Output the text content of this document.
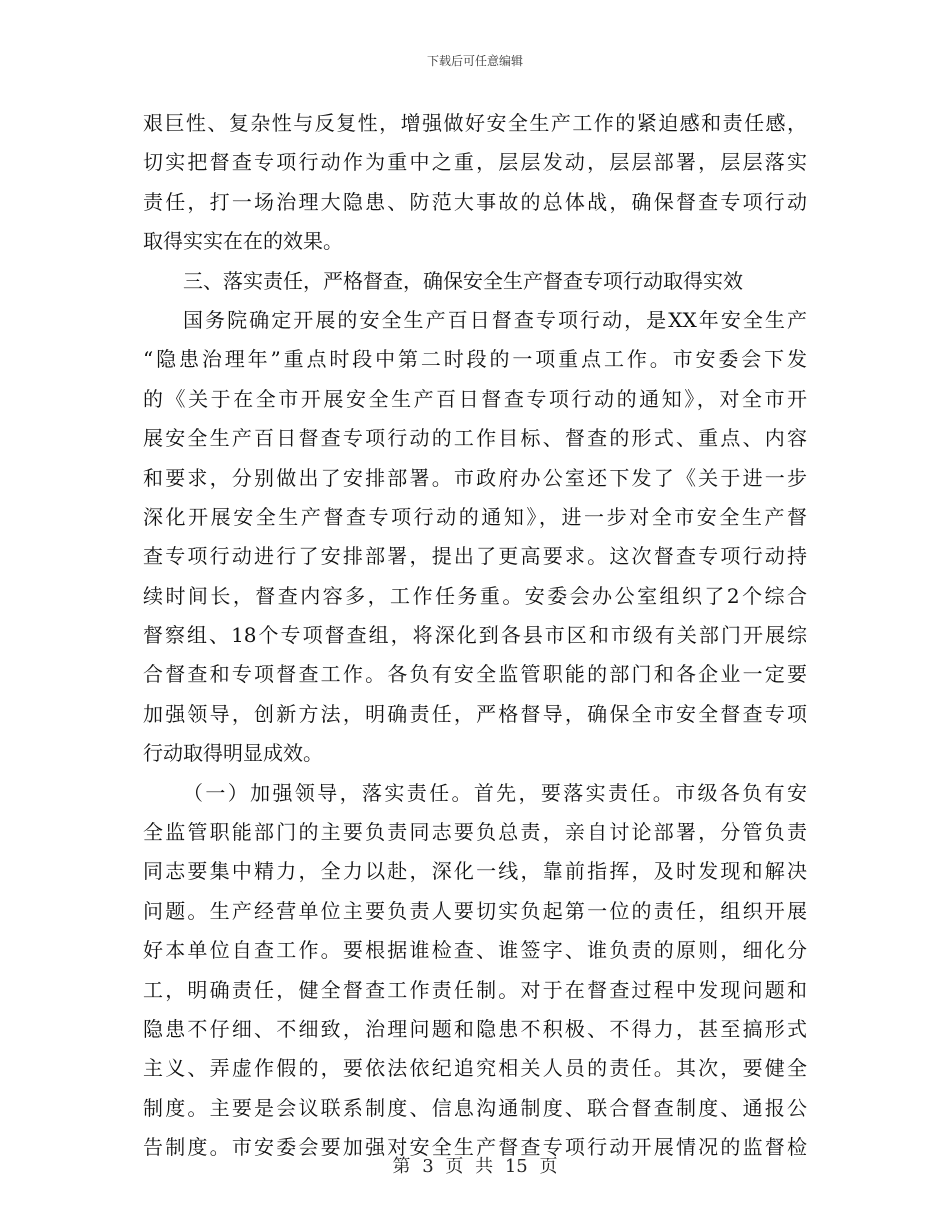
下载后可任意编辑
艰巨性、复杂性与反复性，增强做好安全生产工作的紧迫感和责任感，
切实把督查专项行动作为重中之重，层层发动，层层部署，层层落实
责任，打一场治理大隐患、防范大事故的总体战，确保督查专项行动
取得实实在在的效果。
三、落实责任，严格督查，确保安全生产督查专项行动取得实效
国务院确定开展的安全生产百日督查专项行动，是XX年安全生产
“隐患治理年”重点时段中第二时段的一项重点工作。市安委会下发
的《关于在全市开展安全生产百日督查专项行动的通知》，对全市开
展安全生产百日督查专项行动的工作目标、督查的形式、重点、内容
和要求，分别做出了安排部署。市政府办公室还下发了《关于进一步
深化开展安全生产督查专项行动的通知》，进一步对全市安全生产督
查专项行动进行了安排部署，提出了更高要求。这次督查专项行动持
续时间长，督查内容多，工作任务重。安委会办公室组织了2个综合
督察组、18个专项督查组，将深化到各县市区和市级有关部门开展综
合督查和专项督查工作。各负有安全监管职能的部门和各企业一定要
加强领导，创新方法，明确责任，严格督导，确保全市安全督查专项
行动取得明显成效。
（一）加强领导，落实责任。首先，要落实责任。市级各负有安
全监管职能部门的主要负责同志要负总责，亲自讨论部署，分管负责
同志要集中精力，全力以赴，深化一线，靠前指挥，及时发现和解决
问题。生产经营单位主要负责人要切实负起第一位的责任，组织开展
好本单位自查工作。要根据谁检查、谁签字、谁负责的原则，细化分
工，明确责任，健全督查工作责任制。对于在督查过程中发现问题和
隐患不仔细、不细致，治理问题和隐患不积极、不得力，甚至搞形式
主义、弄虚作假的，要依法依纪追究相关人员的责任。其次，要健全
制度。主要是会议联系制度、信息沟通制度、联合督查制度、通报公
告制度。市安委会要加强对安全生产督查专项行动开展情况的监督检
第 3 页 共 15 页
